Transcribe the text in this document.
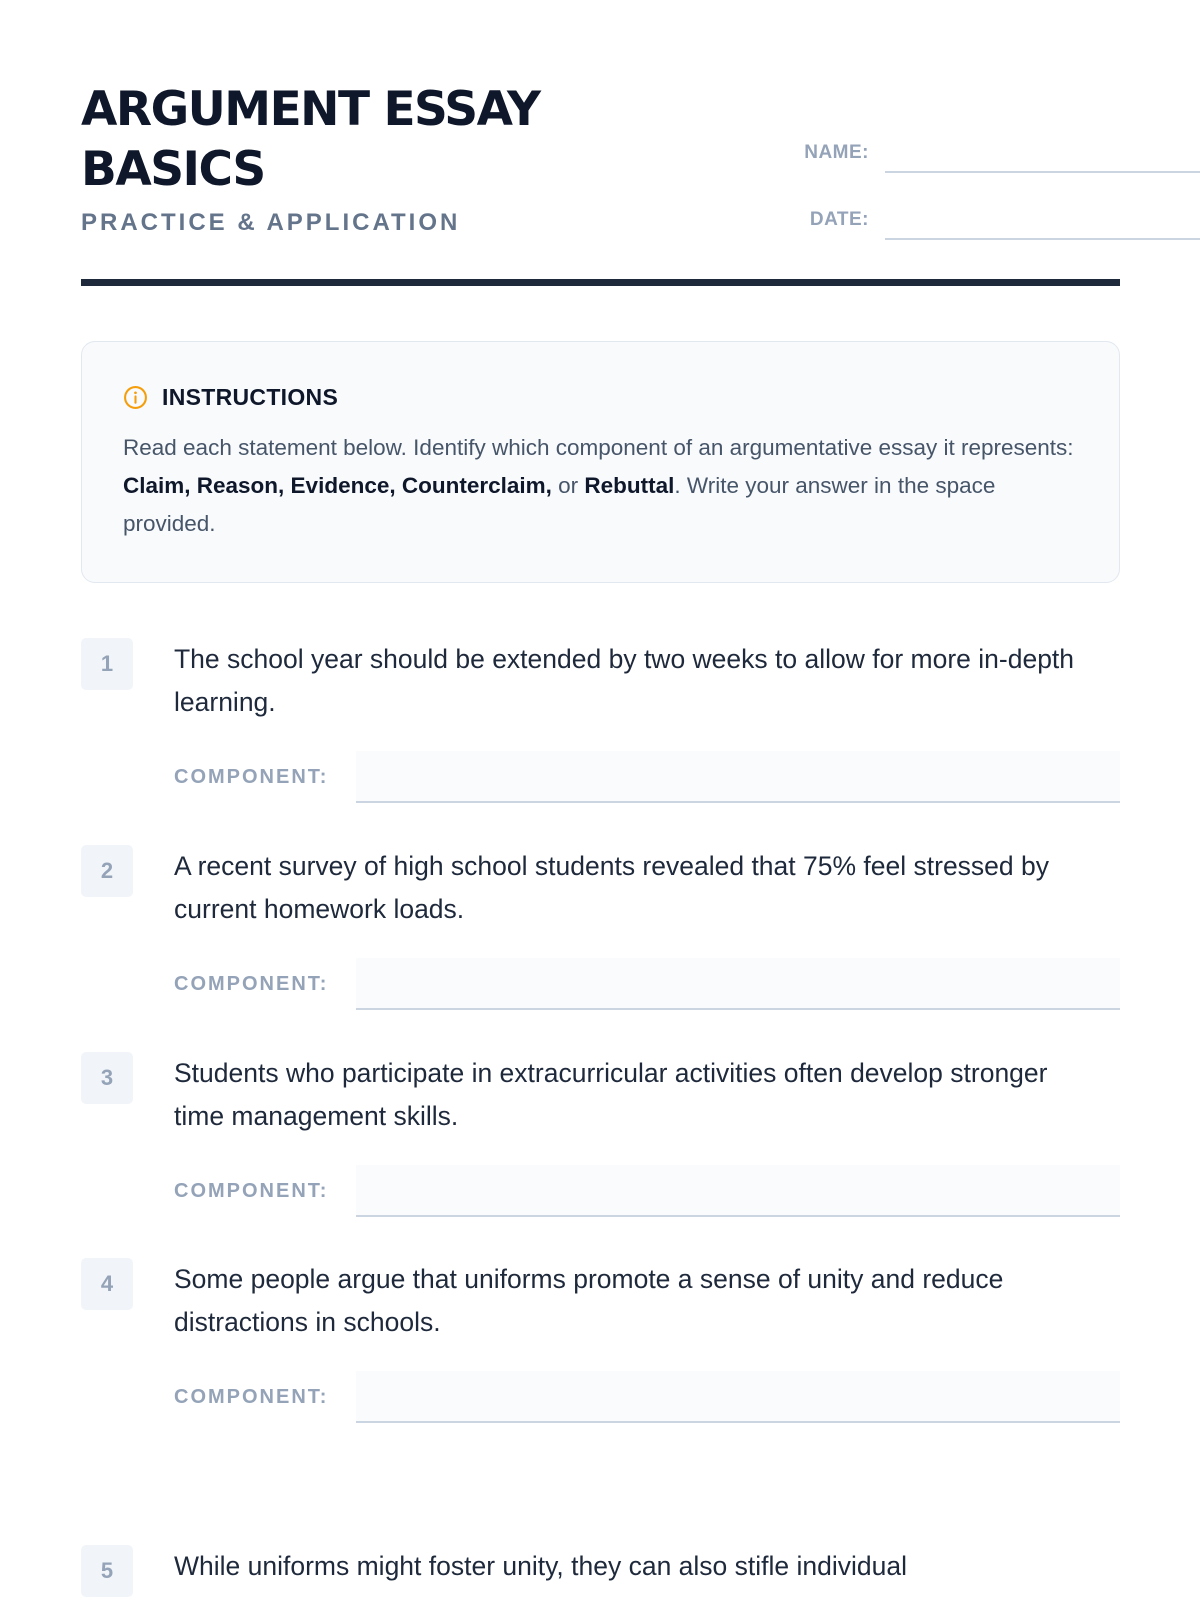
ARGUMENT ESSAY BASICS
PRACTICE & APPLICATION
NAME:
DATE:
INSTRUCTIONS
Read each statement below. Identify which component of an argumentative essay it represents: Claim, Reason, Evidence, Counterclaim, or Rebuttal. Write your answer in the space provided.
1	The school year should be extended by two weeks to allow for more in-depth learning.
COMPONENT:
2	A recent survey of high school students revealed that 75% feel stressed by current homework loads.
COMPONENT:
3	Students who participate in extracurricular activities often develop stronger time management skills.
COMPONENT:
4	Some people argue that uniforms promote a sense of unity and reduce distractions in schools.
COMPONENT:
5	While uniforms might foster unity, they can also stifle individual
